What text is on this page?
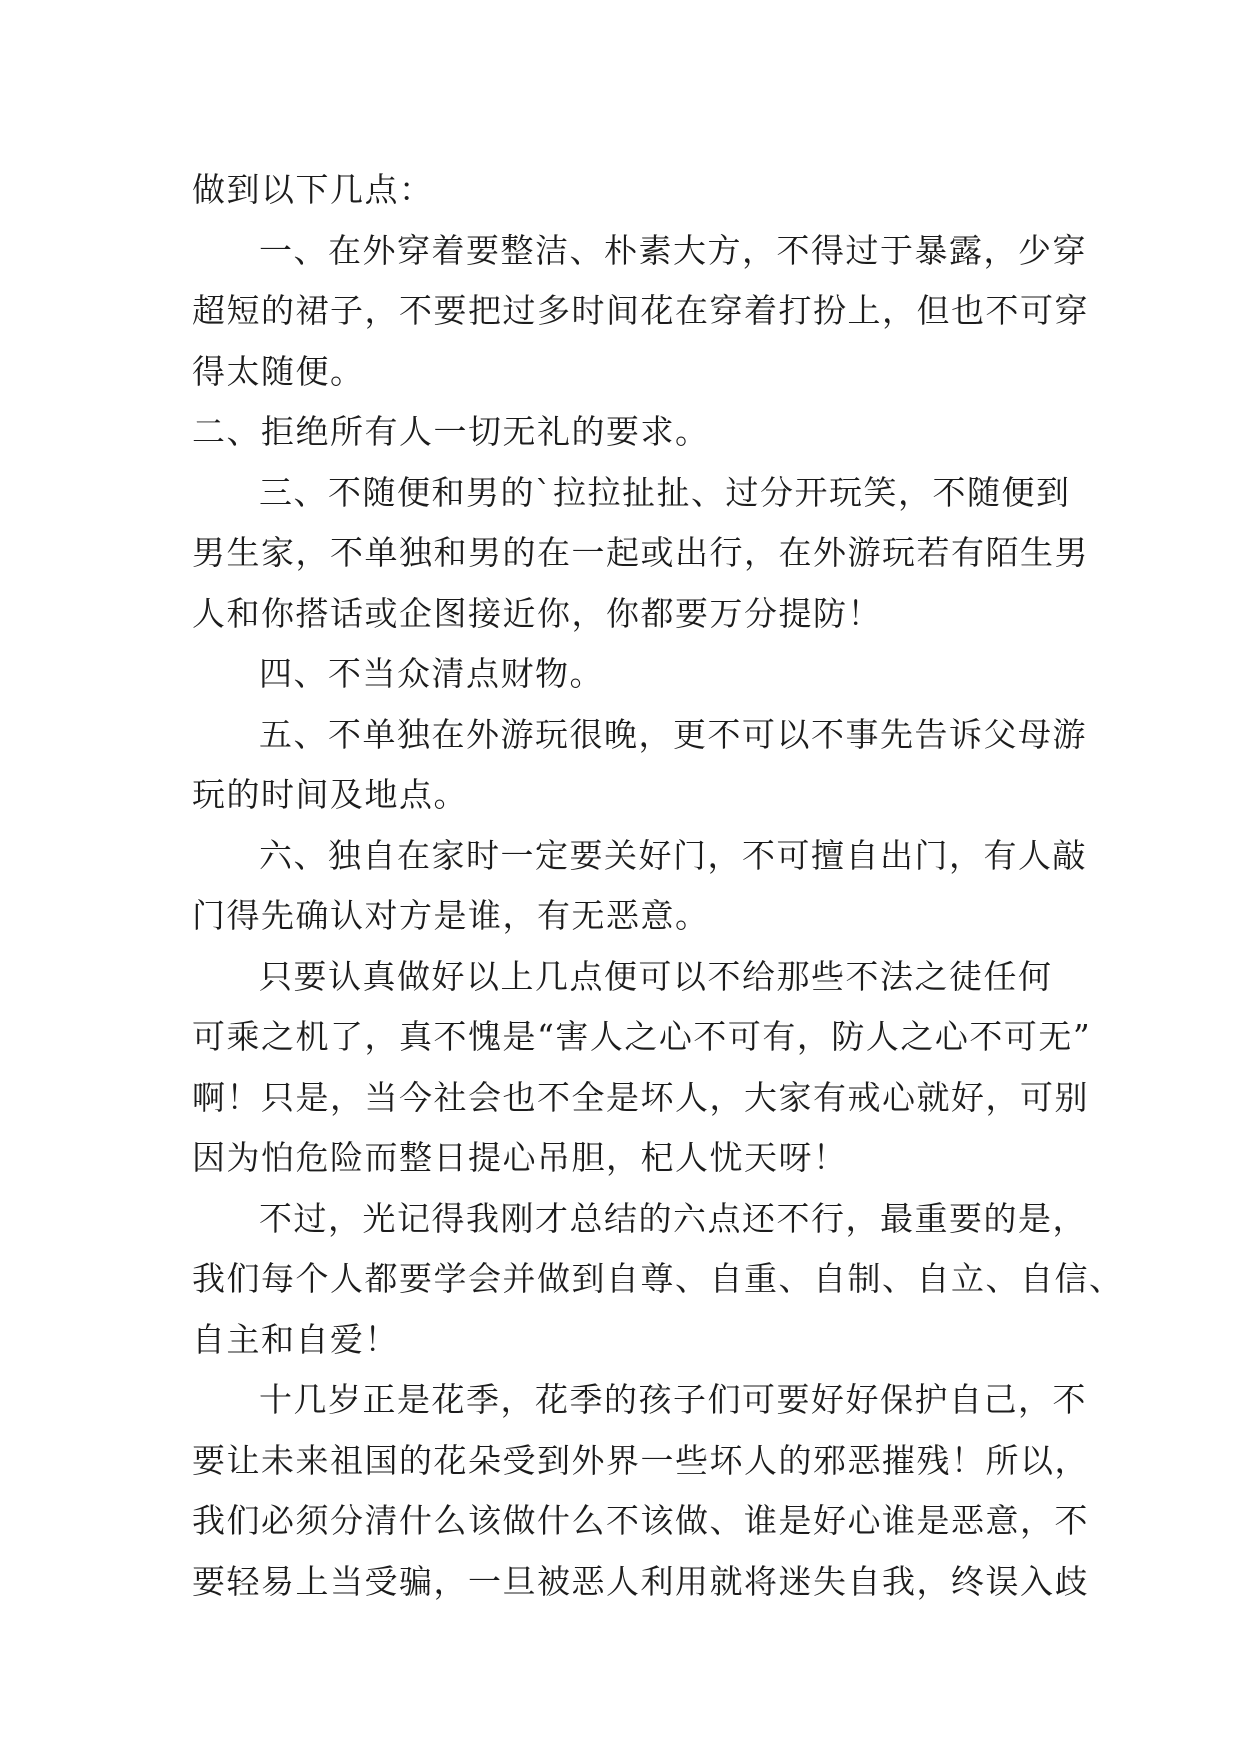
做到以下几点：

一、在外穿着要整洁、朴素大方，不得过于暴露，少穿

超短的裙子，不要把过多时间花在穿着打扮上，但也不可穿

得太随便。

二、拒绝所有人一切无礼的要求。

三、不随便和男的`拉拉扯扯、过分开玩笑，不随便到

男生家，不单独和男的在一起或出行，在外游玩若有陌生男

人和你搭话或企图接近你，你都要万分提防！

四、不当众清点财物。

五、不单独在外游玩很晚，更不可以不事先告诉父母游

玩的时间及地点。

六、独自在家时一定要关好门，不可擅自出门，有人敲

门得先确认对方是谁，有无恶意。

只要认真做好以上几点便可以不给那些不法之徒任何

可乘之机了，真不愧是“害人之心不可有，防人之心不可无”

啊！只是，当今社会也不全是坏人，大家有戒心就好，可别

因为怕危险而整日提心吊胆，杞人忧天呀！

不过，光记得我刚才总结的六点还不行，最重要的是，

我们每个人都要学会并做到自尊、自重、自制、自立、自信、

自主和自爱！

十几岁正是花季，花季的孩子们可要好好保护自己，不

要让未来祖国的花朵受到外界一些坏人的邪恶摧残！所以，

我们必须分清什么该做什么不该做、谁是好心谁是恶意，不

要轻易上当受骗，一旦被恶人利用就将迷失自我，终误入歧
